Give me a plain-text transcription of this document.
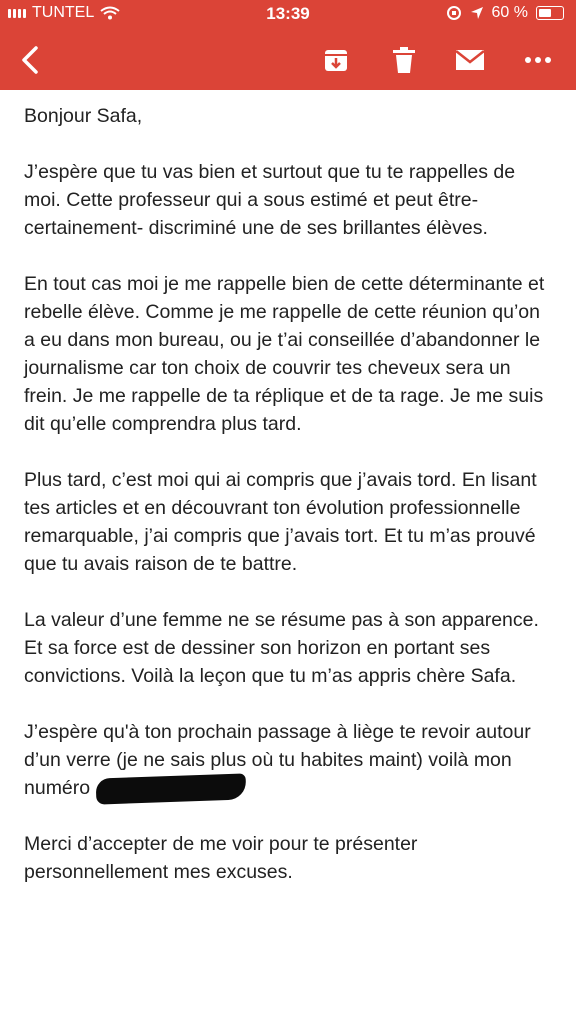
TUNTEL	13:39	60 %

Bonjour Safa,

J’espère que tu vas bien et surtout que tu te rappelles de moi. Cette professeur qui a sous estimé et peut être-certainement- discriminé une de ses brillantes élèves.

En tout cas moi je me rappelle bien de cette déterminante et rebelle élève. Comme je me rappelle de cette réunion qu’on a eu dans mon bureau, ou je t’ai conseillée d’abandonner le journalisme car ton choix de couvrir tes cheveux sera un frein. Je me rappelle de ta réplique et de ta rage. Je me suis dit qu’elle comprendra plus tard.

Plus tard, c’est moi qui ai compris que j’avais tord. En lisant tes articles et en découvrant ton évolution professionnelle remarquable, j’ai compris que j’avais tort. Et tu m’as prouvé que tu avais raison de te battre.

La valeur d’une femme ne se résume pas à son apparence. Et sa force est de dessiner son horizon en portant ses convictions. Voilà la leçon que tu m’as appris chère Safa.

J’espère qu'à ton prochain passage à liège te revoir autour d’un verre (je ne sais plus où tu habites maint) voilà mon numéro

Merci d’accepter de me voir pour te présenter personnellement mes excuses.
